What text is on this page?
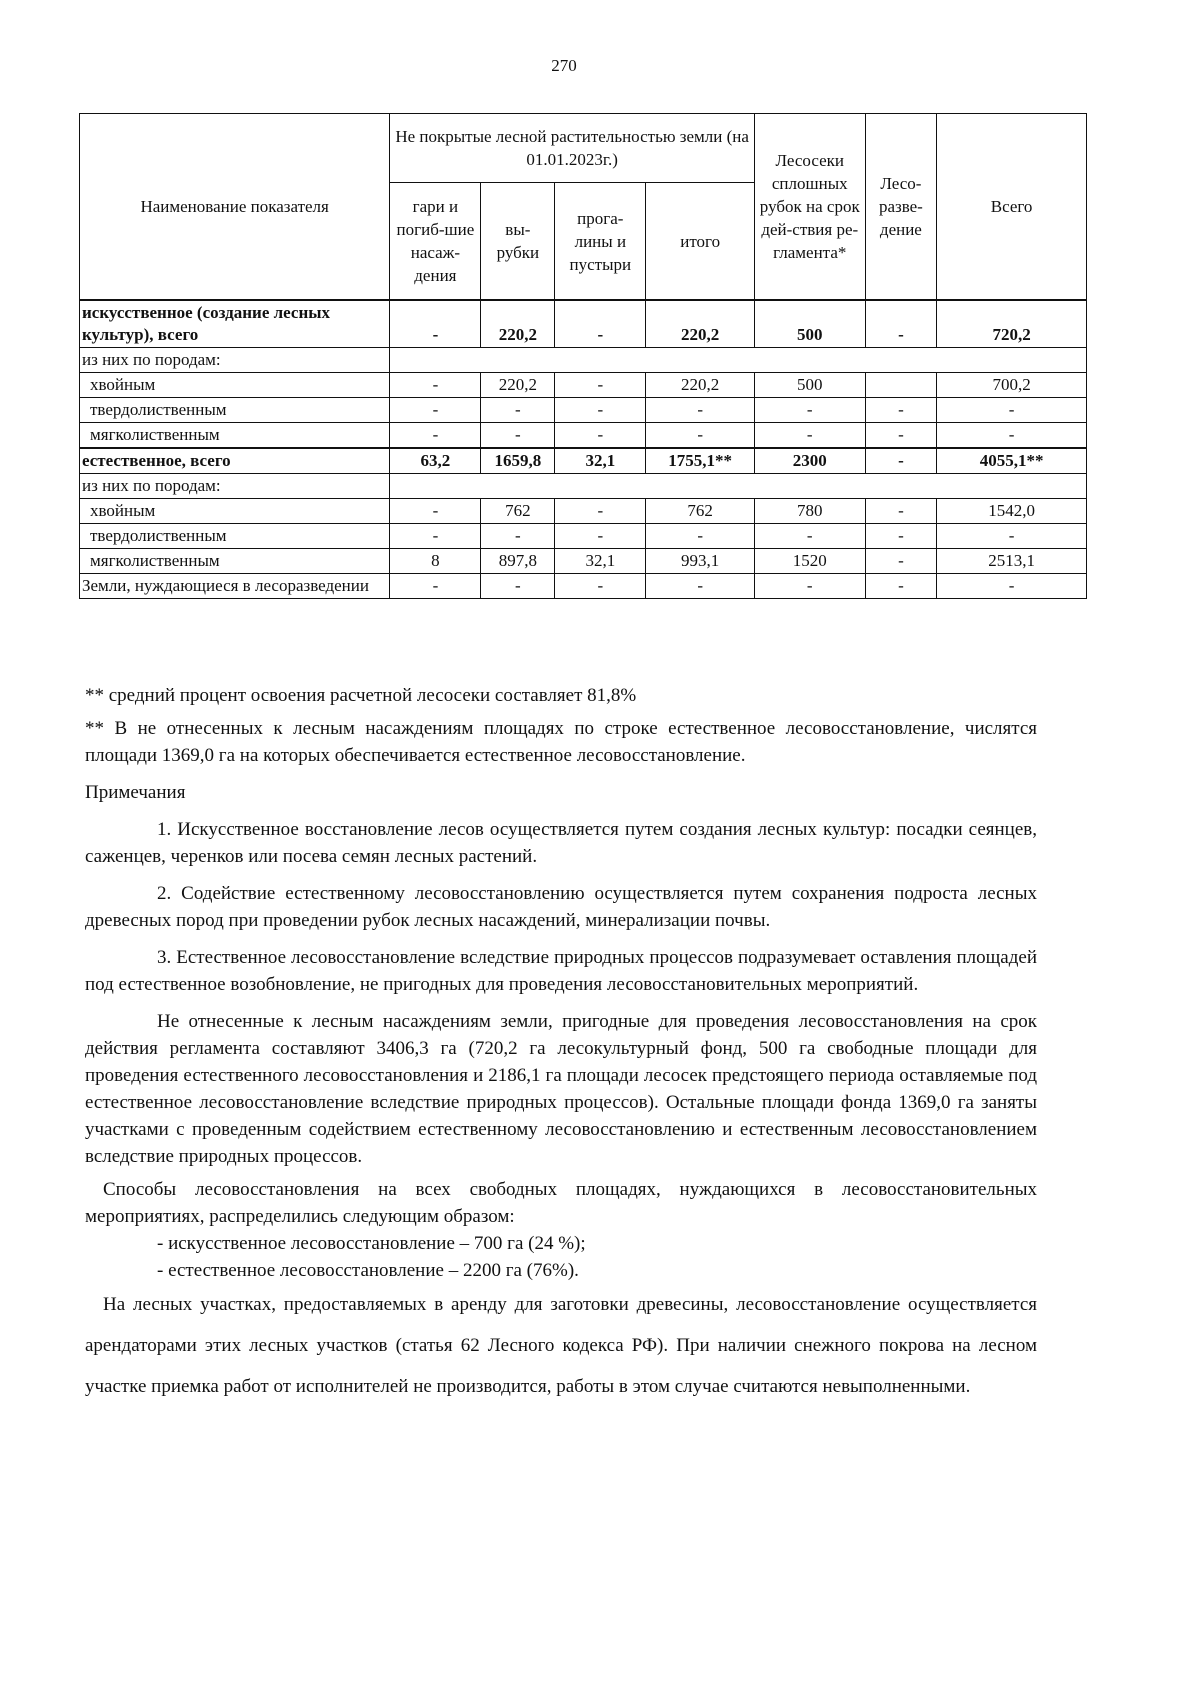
270
Наименование показателя	Не покрытые лесной растительностью земли (на 01.01.2023г.)				Лесосеки сплошных рубок на срок дей-ствия ре-гламента*	Лесо-разве-дение	Всего
	гари и погиб-шие насаж-дения	вы-рубки	прога-лины и пустыри	итого			
искусственное (создание лесных культур), всего	-	220,2	-	220,2	500	-	720,2
из них по породам:							
хвойным	-	220,2	-	220,2	500		700,2
твердолиственным	-	-	-	-	-	-	-
мягколиственным	-	-	-	-	-	-	-
естественное, всего	63,2	1659,8	32,1	1755,1**	2300	-	4055,1**
из них по породам:							
хвойным	-	762	-	762	780	-	1542,0
твердолиственным	-	-	-	-	-	-	-
мягколиственным	8	897,8	32,1	993,1	1520	-	2513,1
Земли, нуждающиеся в лесоразведении	-	-	-	-	-	-	-

** средний процент освоения расчетной лесосеки составляет 81,8%

** В не отнесенных к лесным насаждениям площадях по строке естественное лесовосстановление, числятся площади 1369,0 га на которых обеспечивается естественное лесовосстановление.

Примечания

1. Искусственное восстановление лесов осуществляется путем создания лесных культур: посадки сеянцев, саженцев, черенков или посева семян лесных растений.

2. Содействие естественному лесовосстановлению осуществляется путем сохранения подроста лесных древесных пород при проведении рубок лесных насаждений, минерализации почвы.

3. Естественное лесовосстановление вследствие природных процессов подразумевает оставления площадей под естественное возобновление, не пригодных для проведения лесовосстановительных мероприятий.

Не отнесенные к лесным насаждениям земли, пригодные для проведения лесовосстановления на срок действия регламента составляют 3406,3 га (720,2 га лесокультурный фонд, 500 га свободные площади для проведения естественного лесовосстановления и 2186,1 га площади лесосек предстоящего периода оставляемые под естественное лесовосстановление вследствие природных процессов). Остальные площади фонда 1369,0 га заняты участками с проведенным содействием естественному лесовосстановлению и естественным лесовосстановлением вследствие природных процессов.

Способы лесовосстановления на всех свободных площадях, нуждающихся в лесовосстановительных мероприятиях, распределились следующим образом:

- искусственное лесовосстановление – 700 га (24 %);

- естественное лесовосстановление – 2200 га (76%).

На лесных участках, предоставляемых в аренду для заготовки древесины, лесовосстановление осуществляется арендаторами этих лесных участков (статья 62 Лесного кодекса РФ). При наличии снежного покрова на лесном участке приемка работ от исполнителей не производится, работы в этом случае считаются невыполненными.
